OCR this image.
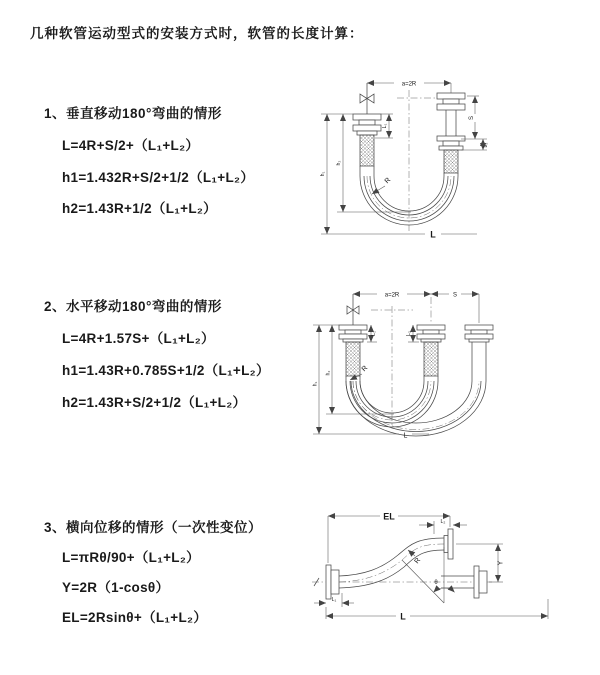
几种软管运动型式的安装方式时，软管的长度计算：
1、垂直移动180°弯曲的情形
L=4R+S/2+（L₁+L₂）
h1=1.432R+S/2+1/2（L₁+L₂）
h2=1.43R+1/2（L₁+L₂）
2、水平移动180°弯曲的情形
L=4R+1.57S+（L₁+L₂）
h1=1.43R+0.785S+1/2（L₁+L₂）
h2=1.43R+S/2+1/2（L₁+L₂）
3、横向位移的情形（一次性变位）
L=πRθ/90+（L₁+L₂）
Y=2R（1-cosθ）
EL=2Rsinθ+（L₁+L₂）
a=2R
L₁
S
L₂
h₂
h₁
R
L
a=2R	S
L₁	L₂
h₂
h₁
R
L
EL
L₂
Y
R
θ
L₁
L
